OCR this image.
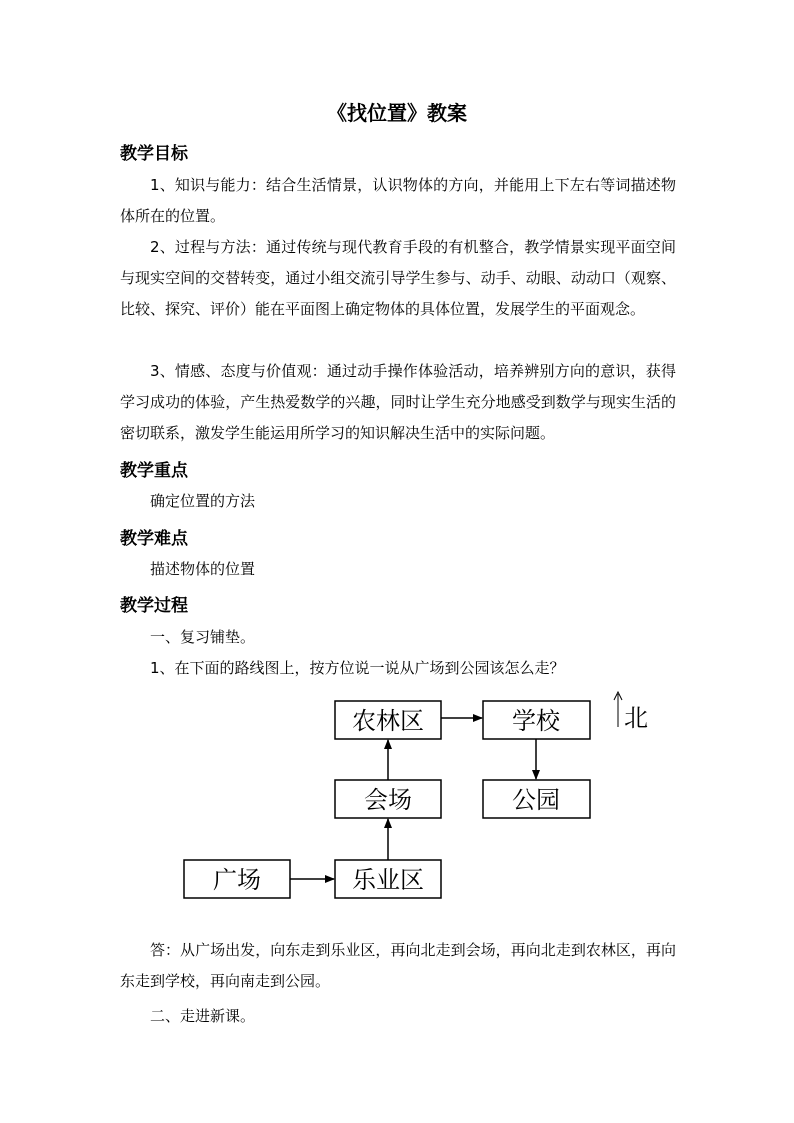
《找位置》教案
教学目标
1、知识与能力：结合生活情景，认识物体的方向，并能用上下左右等词描述物体所在的位置。
2、过程与方法：通过传统与现代教育手段的有机整合，教学情景实现平面空间与现实空间的交替转变，通过小组交流引导学生参与、动手、动眼、动动口（观察、比较、探究、评价）能在平面图上确定物体的具体位置，发展学生的平面观念。
3、情感、态度与价值观：通过动手操作体验活动，培养辨别方向的意识，获得学习成功的体验，产生热爱数学的兴趣，同时让学生充分地感受到数学与现实生活的密切联系，激发学生能运用所学习的知识解决生活中的实际问题。
教学重点
确定位置的方法
教学难点
描述物体的位置
教学过程
一、复习铺垫。
1、在下面的路线图上，按方位说一说从广场到公园该怎么走？
农林区	学校
会场	公园
广场	乐业区
北
答：从广场出发，向东走到乐业区，再向北走到会场，再向北走到农林区，再向东走到学校，再向南走到公园。
二、走进新课。
